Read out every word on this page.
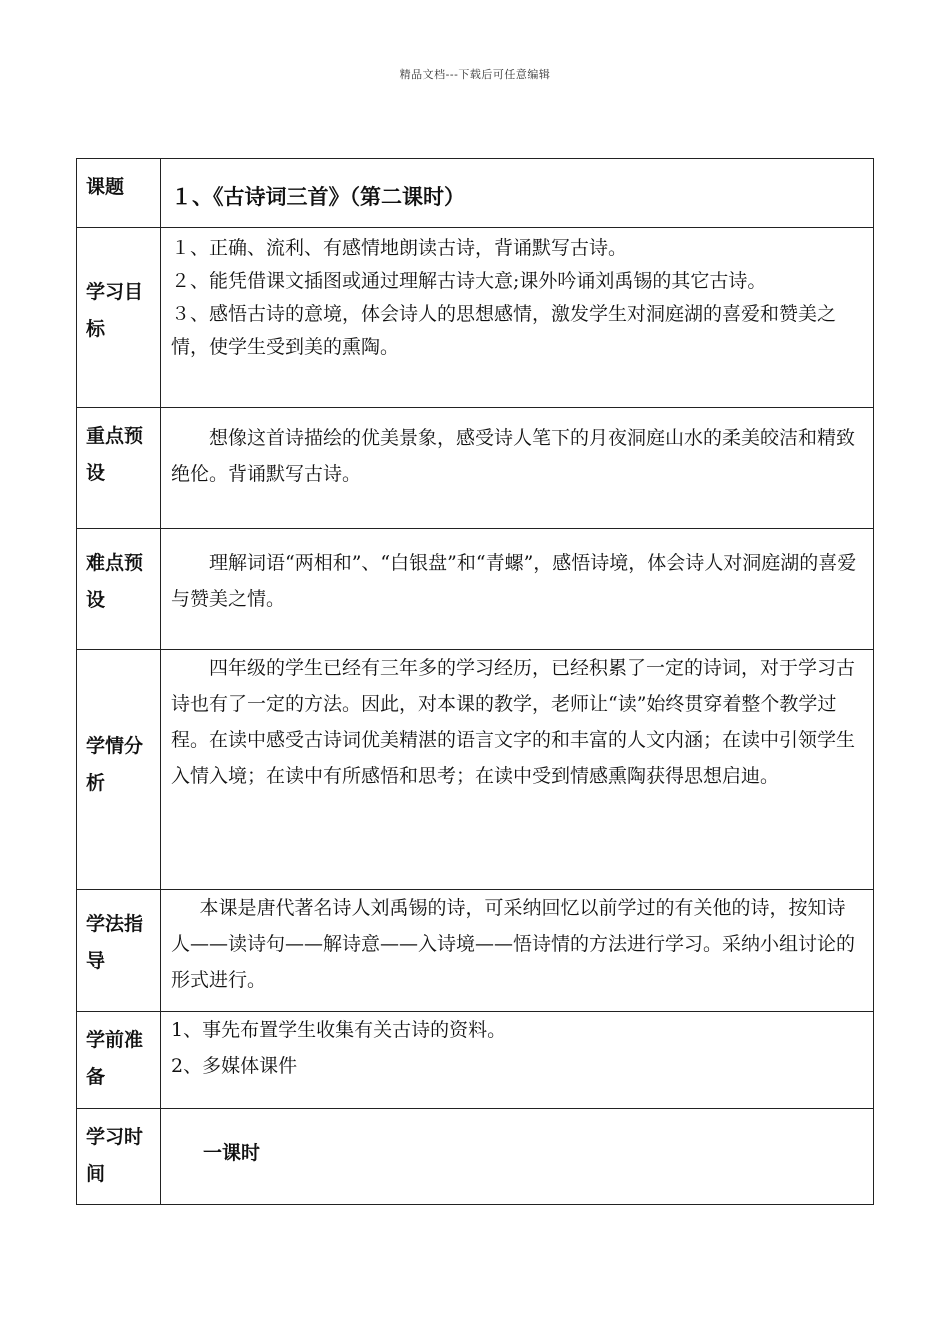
精品文档---下载后可任意编辑
课题	１、《古诗词三首》（第二课时）

学习目标	１、正确、流利、有感情地朗读古诗，背诵默写古诗。
２、能凭借课文插图或通过理解古诗大意;课外吟诵刘禹锡的其它古诗。
３、感悟古诗的意境，体会诗人的思想感情，激发学生对洞庭湖的喜爱和赞美之情，使学生受到美的熏陶。

重点预设	想像这首诗描绘的优美景象，感受诗人笔下的月夜洞庭山水的柔美皎洁和精致绝伦。背诵默写古诗。
难点预设	理解词语“两相和”、“白银盘”和“青螺”，感悟诗境，体会诗人对洞庭湖的喜爱与赞美之情。
学情分析	四年级的学生已经有三年多的学习经历，已经积累了一定的诗词，对于学习古诗也有了一定的方法。因此，对本课的教学，老师让“读”始终贯穿着整个教学过程。在读中感受古诗词优美精湛的语言文字的和丰富的人文内涵；在读中引领学生入情入境；在读中有所感悟和思考；在读中受到情感熏陶获得思想启迪。
学法指导	本课是唐代著名诗人刘禹锡的诗，可采纳回忆以前学过的有关他的诗，按知诗人——读诗句——解诗意——入诗境——悟诗情的方法进行学习。采纳小组讨论的形式进行。
学前准备	1、事先布置学生收集有关古诗的资料。
2、多媒体课件

学习时间	一课时
